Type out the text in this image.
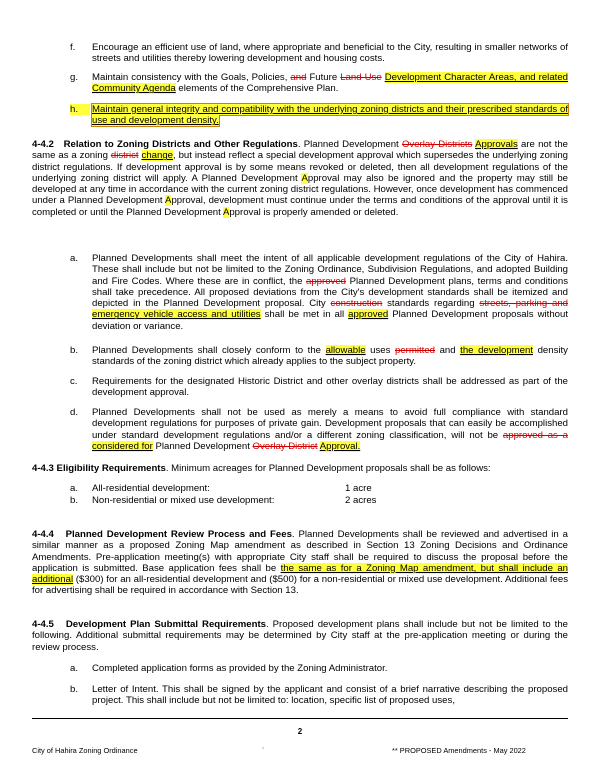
f.	Encourage an efficient use of land, where appropriate and beneficial to the City, resulting in smaller networks of streets and utilities thereby lowering development and housing costs.
g.	Maintain consistency with the Goals, Policies, and Future Land Use Development Character Areas, and related Community Agenda elements of the Comprehensive Plan.
h.	Maintain general integrity and compatibility with the underlying zoning districts and their prescribed standards of use and development density.
4-4.2 Relation to Zoning Districts and Other Regulations. Planned Development Overlay Districts Approvals are not the same as a zoning district change, but instead reflect a special development approval which supersedes the underlying zoning district regulations. If development approval is by some means revoked or deleted, then all development regulations of the underlying zoning district will apply. A Planned Development Approval may also be ignored and the property may still be developed at any time in accordance with the current zoning district regulations. However, once development has commenced under a Planned Development Approval, development must continue under the terms and conditions of the approval until it is completed or until the Planned Development Approval is properly amended or deleted.
a.	Planned Developments shall meet the intent of all applicable development regulations of the City of Hahira. These shall include but not be limited to the Zoning Ordinance, Subdivision Regulations, and adopted Building and Fire Codes. Where these are in conflict, the approved Planned Development plans, terms and conditions shall take precedence. All proposed deviations from the City's development standards shall be itemized and depicted in the Planned Development proposal. City construction standards regarding streets, parking and emergency vehicle access and utilities shall be met in all approved Planned Development proposals without deviation or variance.
b.	Planned Developments shall closely conform to the allowable uses permitted and the development density standards of the zoning district which already applies to the subject property.
c.	Requirements for the designated Historic District and other overlay districts shall be addressed as part of the development approval.
d.	Planned Developments shall not be used as merely a means to avoid full compliance with standard development regulations for purposes of private gain. Development proposals that can easily be accomplished under standard development regulations and/or a different zoning classification, will not be approved as a considered for Planned Development Overlay District Approval.
4-4.3 Eligibility Requirements. Minimum acreages for Planned Development proposals shall be as follows:
a. All-residential development:	1 acre
b. Non-residential or mixed use development:	2 acres
4-4.4 Planned Development Review Process and Fees. Planned Developments shall be reviewed and advertised in a similar manner as a proposed Zoning Map amendment as described in Section 13 Zoning Decisions and Ordinance Amendments. Pre-application meeting(s) with appropriate City staff shall be required to discuss the proposal before the application is submitted. Base application fees shall be the same as for a Zoning Map amendment, but shall include an additional ($300) for an all-residential development and ($500) for a non-residential or mixed use development. Additional fees for advertising shall be required in accordance with Section 13.
4-4.5 Development Plan Submittal Requirements. Proposed development plans shall include but not be limited to the following. Additional submittal requirements may be determined by City staff at the pre-application meeting or during the review process.
a.	Completed application forms as provided by the Zoning Administrator.
b.	Letter of Intent. This shall be signed by the applicant and consist of a brief narrative describing the proposed project. This shall include but not be limited to: location, specific list of proposed uses,
2
City of Hahira Zoning Ordinance	`	** PROPOSED Amendments - May 2022
